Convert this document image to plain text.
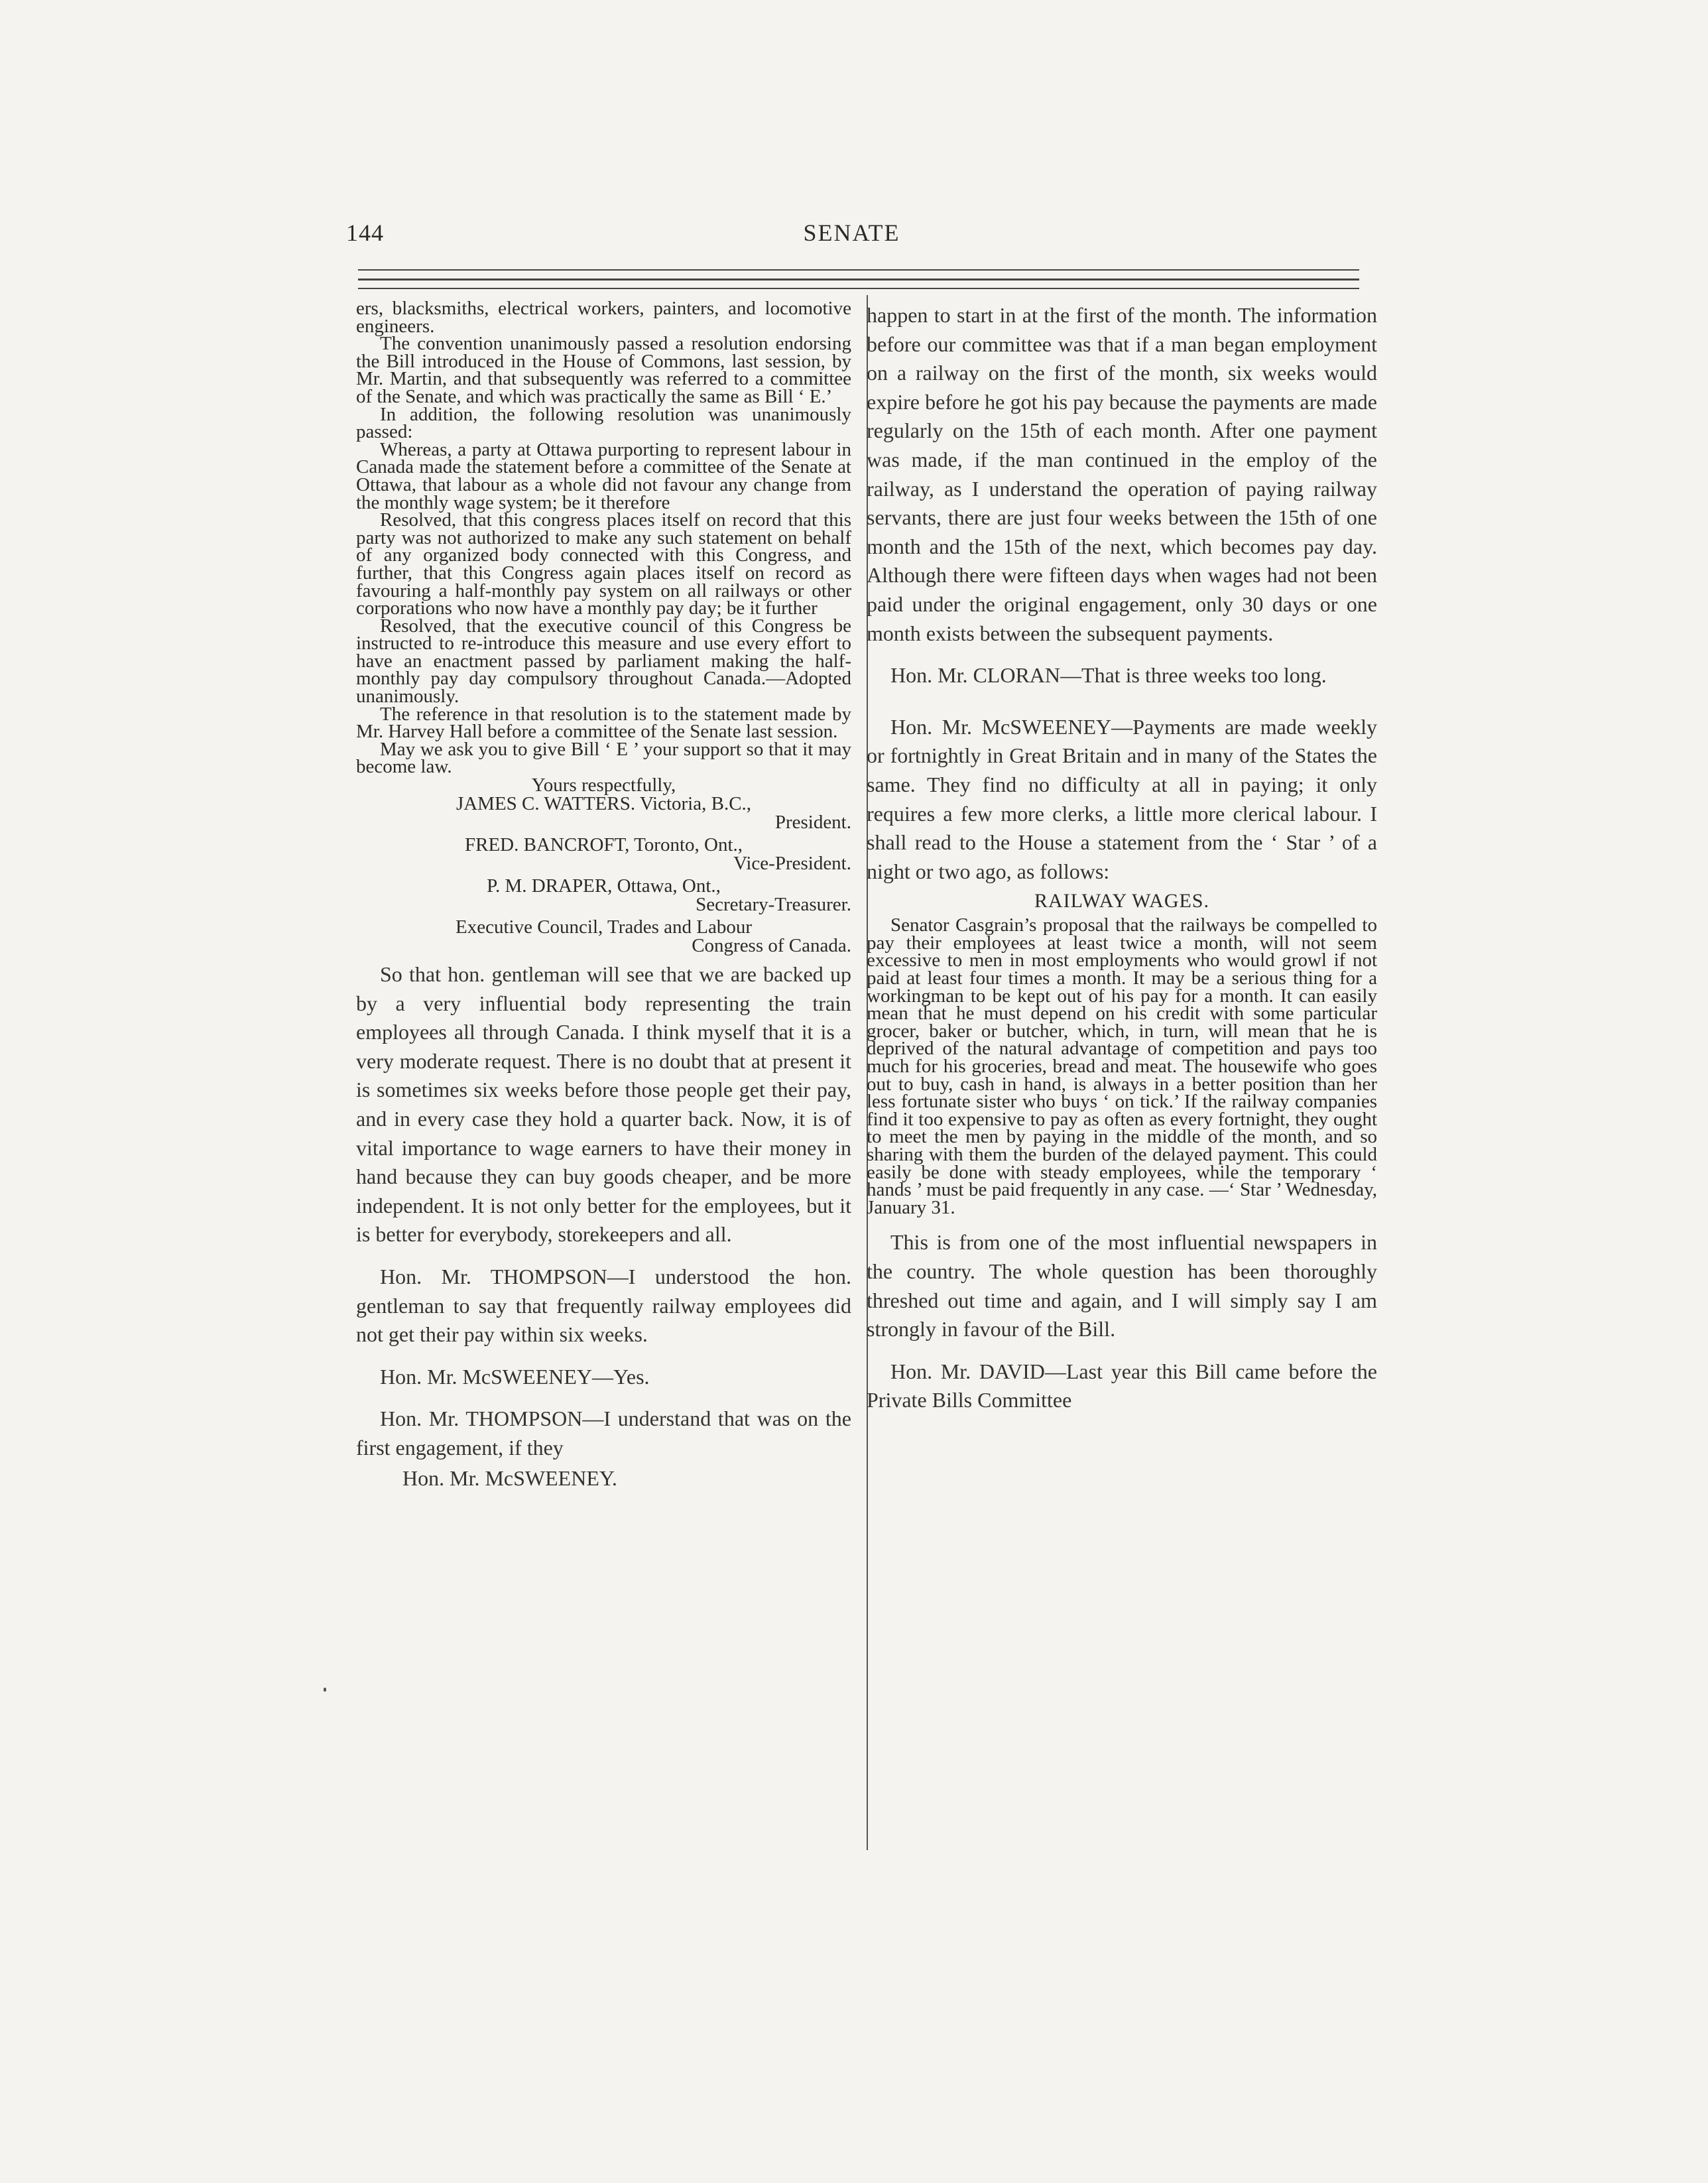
144	SENATE

ers, blacksmiths, electrical workers, painters, and locomotive engineers.

The convention unanimously passed a resolution endorsing the Bill introduced in the House of Commons, last session, by Mr. Martin, and that subsequently was referred to a committee of the Senate, and which was practically the same as Bill ‘ E.’

In addition, the following resolution was unanimously passed:

Whereas, a party at Ottawa purporting to represent labour in Canada made the statement before a committee of the Senate at Ottawa, that labour as a whole did not favour any change from the monthly wage system; be it therefore

Resolved, that this congress places itself on record that this party was not authorized to make any such statement on behalf of any organized body connected with this Congress, and further, that this Congress again places itself on record as favouring a half-monthly pay system on all railways or other corporations who now have a monthly pay day; be it further

Resolved, that the executive council of this Congress be instructed to re-introduce this measure and use every effort to have an enactment passed by parliament making the half-monthly pay day compulsory throughout Canada.—Adopted unanimously.

The reference in that resolution is to the statement made by Mr. Harvey Hall before a committee of the Senate last session.

May we ask you to give Bill ‘ E ’ your support so that it may become law.

Yours respectfully,
JAMES C. WATTERS. Victoria, B.C.,
President.
FRED. BANCROFT, Toronto, Ont.,
Vice-President.
P. M. DRAPER, Ottawa, Ont.,
Secretary-Treasurer.
Executive Council, Trades and Labour
Congress of Canada.

So that hon. gentleman will see that we are backed up by a very influential body representing the train employees all through Canada. I think myself that it is a very moderate request. There is no doubt that at present it is sometimes six weeks before those people get their pay, and in every case they hold a quarter back. Now, it is of vital importance to wage earners to have their money in hand because they can buy goods cheaper, and be more independent. It is not only better for the employees, but it is better for everybody, storekeepers and all.

Hon. Mr. THOMPSON—I understood the hon. gentleman to say that frequently railway employees did not get their pay within six weeks.

Hon. Mr. McSWEENEY—Yes.

Hon. Mr. THOMPSON—I understand that was on the first engagement, if they

Hon. Mr. McSWEENEY.

happen to start in at the first of the month. The information before our committee was that if a man began employment on a railway on the first of the month, six weeks would expire before he got his pay because the payments are made regularly on the 15th of each month. After one payment was made, if the man continued in the employ of the railway, as I understand the operation of paying railway servants, there are just four weeks between the 15th of one month and the 15th of the next, which becomes pay day. Although there were fifteen days when wages had not been paid under the original engagement, only 30 days or one month exists between the subsequent payments.

Hon. Mr. CLORAN—That is three weeks too long.

Hon. Mr. McSWEENEY—Payments are made weekly or fortnightly in Great Britain and in many of the States the same. They find no difficulty at all in paying; it only requires a few more clerks, a little more clerical labour. I shall read to the House a statement from the ‘ Star ’ of a night or two ago, as follows:

RAILWAY WAGES.

Senator Casgrain’s proposal that the railways be compelled to pay their employees at least twice a month, will not seem excessive to men in most employments who would growl if not paid at least four times a month. It may be a serious thing for a workingman to be kept out of his pay for a month. It can easily mean that he must depend on his credit with some particular grocer, baker or butcher, which, in turn, will mean that he is deprived of the natural advantage of competition and pays too much for his groceries, bread and meat. The housewife who goes out to buy, cash in hand, is always in a better position than her less fortunate sister who buys ‘ on tick.’ If the railway companies find it too expensive to pay as often as every fortnight, they ought to meet the men by paying in the middle of the month, and so sharing with them the burden of the delayed payment. This could easily be done with steady employees, while the temporary ‘ hands ’ must be paid frequently in any case. —‘ Star ’ Wednesday, January 31.

This is from one of the most influential newspapers in the country. The whole question has been thoroughly threshed out time and again, and I will simply say I am strongly in favour of the Bill.

Hon. Mr. DAVID—Last year this Bill came before the Private Bills Committee
